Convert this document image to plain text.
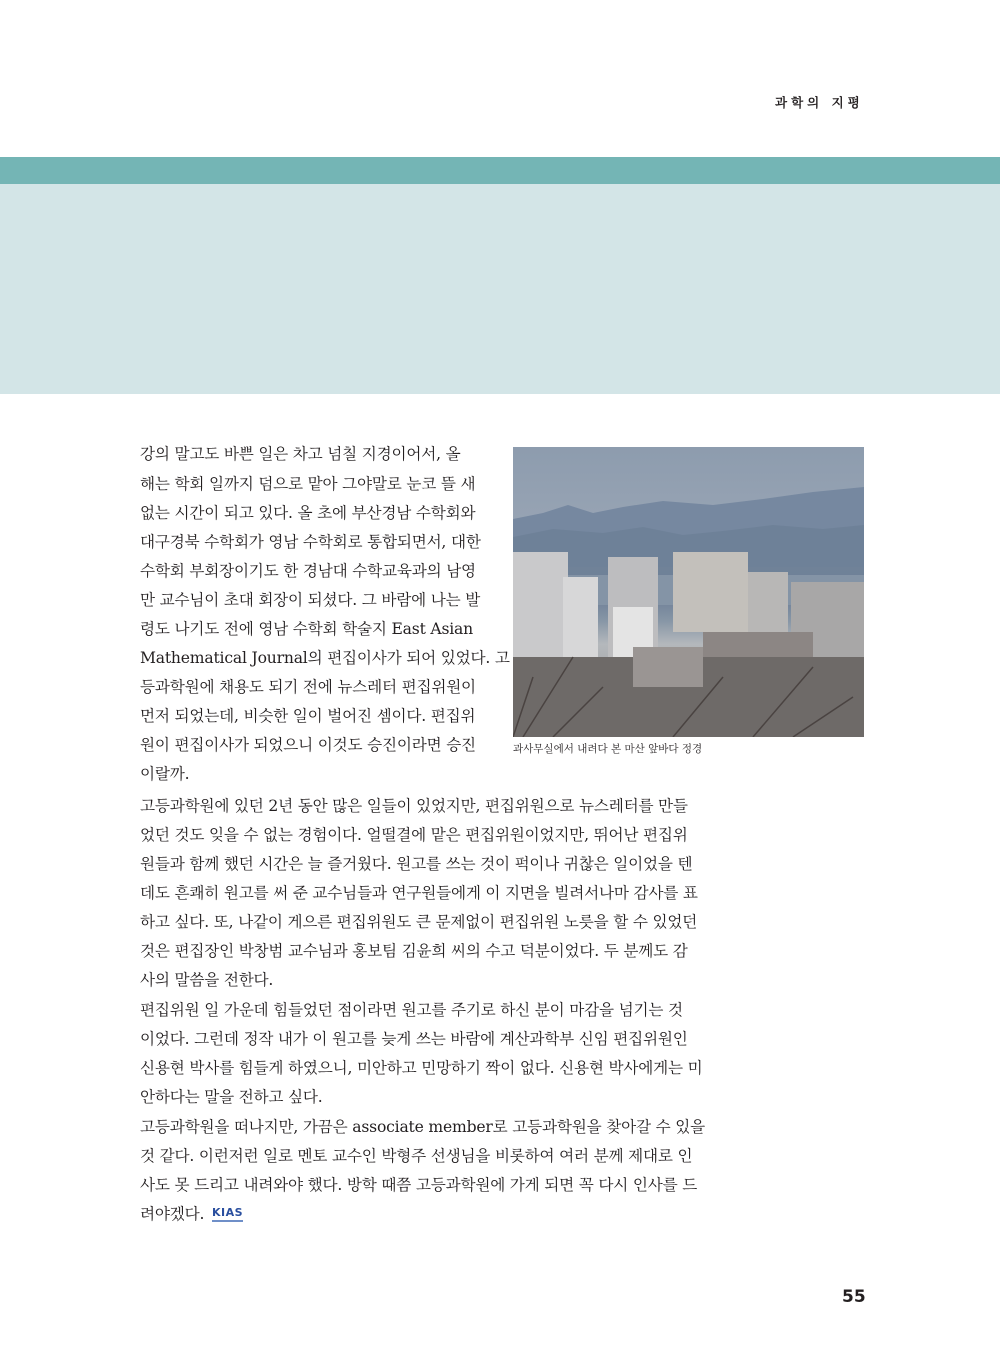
과학의 지평
강의 말고도 바쁜 일은 차고 넘칠 지경이어서, 올
해는 학회 일까지 덤으로 맡아 그야말로 눈코 뜰 새
없는 시간이 되고 있다. 올 초에 부산경남 수학회와
대구경북 수학회가 영남 수학회로 통합되면서, 대한
수학회 부회장이기도 한 경남대 수학교육과의 남영
만 교수님이 초대 회장이 되셨다. 그 바람에 나는 발
령도 나기도 전에 영남 수학회 학술지 East Asian
Mathematical Journal의 편집이사가 되어 있었다. 고
등과학원에 채용도 되기 전에 뉴스레터 편집위원이
먼저 되었는데, 비슷한 일이 벌어진 셈이다. 편집위
원이 편집이사가 되었으니 이것도 승진이라면 승진
이랄까.
과사무실에서 내려다 본 마산 앞바다 정경
고등과학원에 있던 2년 동안 많은 일들이 있었지만, 편집위원으로 뉴스레터를 만들
었던 것도 잊을 수 없는 경험이다. 얼떨결에 맡은 편집위원이었지만, 뛰어난 편집위
원들과 함께 했던 시간은 늘 즐거웠다. 원고를 쓰는 것이 퍽이나 귀찮은 일이었을 텐
데도 흔쾌히 원고를 써 준 교수님들과 연구원들에게 이 지면을 빌려서나마 감사를 표
하고 싶다. 또, 나같이 게으른 편집위원도 큰 문제없이 편집위원 노릇을 할 수 있었던
것은 편집장인 박창범 교수님과 홍보팀 김윤희 씨의 수고 덕분이었다. 두 분께도 감
사의 말씀을 전한다.
편집위원 일 가운데 힘들었던 점이라면 원고를 주기로 하신 분이 마감을 넘기는 것
이었다. 그런데 정작 내가 이 원고를 늦게 쓰는 바람에 계산과학부 신임 편집위원인
신용현 박사를 힘들게 하였으니, 미안하고 민망하기 짝이 없다. 신용현 박사에게는 미
안하다는 말을 전하고 싶다.
고등과학원을 떠나지만, 가끔은 associate member로 고등과학원을 찾아갈 수 있을
것 같다. 이런저런 일로 멘토 교수인 박형주 선생님을 비롯하여 여러 분께 제대로 인
사도 못 드리고 내려와야 했다. 방학 때쯤 고등과학원에 가게 되면 꼭 다시 인사를 드
려야겠다. KIAS
55
